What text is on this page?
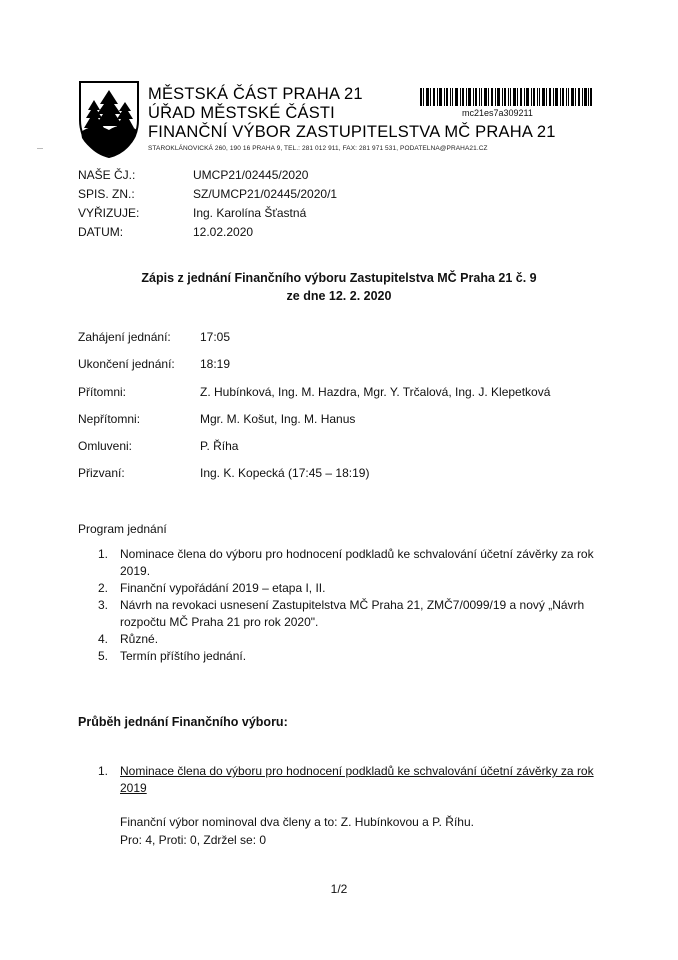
MĚSTSKÁ ČÁST PRAHA 21
ÚŘAD MĚSTSKÉ ČÁSTI
FINANČNÍ VÝBOR ZASTUPITELSTVA MČ PRAHA 21
STAROKLÁNOVICKÁ 260, 190 16 PRAHA 9, TEL.: 281 012 911, FAX: 281 971 531, PODATELNA@PRAHA21.CZ
mc21es7a309211
NAŠE ČJ.:	UMCP21/02445/2020
SPIS. ZN.:	SZ/UMCP21/02445/2020/1
VYŘIZUJE:	Ing. Karolína Šťastná
DATUM:	12.02.2020
Zápis z jednání Finančního výboru Zastupitelstva MČ Praha 21 č. 9
ze dne 12. 2. 2020
Zahájení jednání:	17:05
Ukončení jednání:	18:19
Přítomni:	Z. Hubínková, Ing. M. Hazdra, Mgr. Y. Trčalová, Ing. J. Klepetková
Nepřítomni:	Mgr. M. Košut, Ing. M. Hanus
Omluveni:	P. Říha
Přizvaní:	Ing. K. Kopecká (17:45 – 18:19)
Program jednání
1. Nominace člena do výboru pro hodnocení podkladů ke schvalování účetní závěrky za rok 2019.
2. Finanční vypořádání 2019 – etapa I, II.
3. Návrh na revokaci usnesení Zastupitelstva MČ Praha 21, ZMČ7/0099/19 a nový „Návrh rozpočtu MČ Praha 21 pro rok 2020".
4. Různé.
5. Termín příštího jednání.
Průběh jednání Finančního výboru:
1. Nominace člena do výboru pro hodnocení podkladů ke schvalování účetní závěrky za rok 2019
Finanční výbor nominoval dva členy a to: Z. Hubínkovou a P. Říhu.
Pro: 4, Proti: 0, Zdržel se: 0
1/2
